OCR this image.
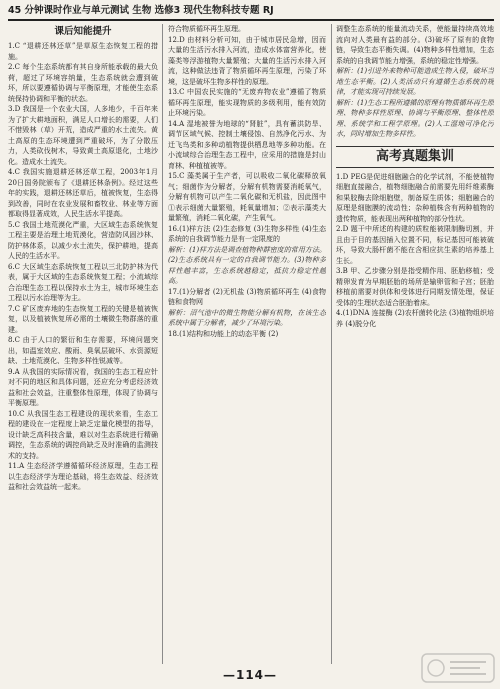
45 分钟课时作业与单元测试 生物 选修3 现代生物科技专题 RJ
课后知能提升

1.C “退耕还林还草”是草原生态恢复工程的措施。

2.C 每个生态系统都有其自身所能承载的最大负荷，超过了环境容纳量，生态系统就会遭到破坏，所以要遵循协调与平衡原理，才能使生态系统保持协调和平衡的状态。

3.D 我国是一个农业大国，人多地少，千百年来为了扩大耕地面积，满足人口增长的需要，人们不惜毁林（草）开荒，造成严重的水土流失。黄土高原的生态环境遭到严重破坏，为了分散压力，人类砍伐树木，导致黄土高原退化，土地沙化。造成水土流失。

4.C 我国实施退耕还林还草工程，2003年1月20日国务院颁布了《退耕还林条例》。经过这些年的实践，退耕还林还草后，植被恢复，生态得到改善，同时在农业发展和畜牧业、林业等方面都取得显著成效，人民生活水平提高。

5.C 我国土地荒漠化严重，大区域生态系统恢复工程主要是治理土地荒漠化，营造防风固沙林、防护林体系，以减少水土流失，保护耕地，提高人民的生活水平。

6.C 大区域生态系统恢复工程以三北防护林为代表，属于大区域的生态系统恢复工程；小流域综合治理生态工程以保持水土为主，城市环境生态工程以污水治理等为主。

7.C 矿区废弃地的生态恢复工程的关键是植被恢复，以及植被恢复所必需的土壤微生物群落的重建。

8.C 由于人口的繁衍和生存需要，环境问题突出，如温室效应、酸雨、臭氧层破坏、水资源短缺、土地荒漠化、生物多样性锐减等。

9.A 从我国的实际情况看，我国的生态工程应针对不同的地区和具体问题，还应充分考虑经济效益和社会效益，注重整体性原理，体现了协调与平衡原理。

10.C 从我国生态工程建设的现状来看，生态工程的建设在一定程度上缺乏定量化模型的指导，设计缺乏高科技含量，难以对生态系统进行精确调控，生态系统的调控尚缺乏及时准确的监测技术的支持。

11.A 生态经济学遵循循环经济原理，生态工程以生态经济学为理论基础，将生态效益、经济效益和社会效益统一起来。

符合物质循环再生原理。

12.D 由材料分析可知，由于城市居民急增，因而大量的生活污水排入河流，造成水体富营养化，使藻类等浮游植物大量繁殖；大量的生活污水排入河流，这种做法违背了物质循环再生原理，污染了环境，这是破坏生物多样性的原理。

13.C 中国农民实施的“无废弃物农业”遵循了物质循环再生原理，能实现物质的多级利用，能有效防止环境污染。

14.A 湿地被誉为地球的“肾脏”，具有蓄洪防旱、调节区域气候、控制土壤侵蚀、自然净化污水、为迁飞鸟类和多种动植物提供栖息地等多种功能。在小流域综合治理生态工程中，应采用的措施是封山育林、种植植被等。

15.C 藻类属于生产者，可以吸收二氧化碳释放氧气；细菌作为分解者，分解有机物需要消耗氧气，分解有机物可以产生二氧化碳和无机盐，因此图中①表示细菌大量繁殖，耗氧量增加；②表示藻类大量繁殖，消耗二氧化碳，产生氧气。

16.(1)样方法 (2)生态修复 (3)生物多样性 (4)生态系统的自我调节能力是有一定限度的

解析：(1)样方法是调查植物种群密度的常用方法。(2)生态系统具有一定的自我调节能力。(3)物种多样性越丰富，生态系统越稳定，抵抗力稳定性越高。

17.(1)分解者 (2)无机盐 (3)物质循环再生 (4)食物链和食物网

解析：沼气池中的微生物能分解有机物，在该生态系统中属于分解者，减少了环境污染。

18.(1)结构和功能上的动态平衡 (2)

调整生态系统的能量流动关系，使能量持续高效地流向对人类最有益的部分。(3)破坏了原有的食物链，导致生态平衡失调。(4)物种多样性增加，生态系统的自我调节能力增强，系统的稳定性增强。

解析：(1)引进外来物种可能造成生物入侵，破坏当地生态平衡。(2)人类活动只有遵循生态系统的规律，才能实现可持续发展。

解析：(1)生态工程所遵循的原理有物质循环再生原理、物种多样性原理、协调与平衡原理、整体性原理、系统学和工程学原理。(2)人工湿地可净化污水，同时增加生物多样性。

高考真题集训

1.D PEG是促进细胞融合的化学试剂，不能使植物细胞直接融合，植物细胞融合前需要先用纤维素酶和果胶酶去除细胞壁，制备原生质体；细胞融合的原理是细胞膜的流动性；杂种植株含有两种植物的遗传物质，能表现出两种植物的部分性状。

2.D 题干中所述的构建的质粒能被限制酶切割，并且由于目的基因插入位置不同，标记基因可能被破坏，导致大肠杆菌不能在含相应抗生素的培养基上生长。

3.B 甲、乙步骤分别是指受精作用、胚胎移植；受精卵发育为早期胚胎的场所是输卵管和子宫；胚胎移植前需要对供体和受体进行同期发情处理，保证受体的生理状态适合胚胎着床。

4.(1)DNA 连接酶 (2)农杆菌转化法 (3)植物组织培养 (4)脱分化

—114—
